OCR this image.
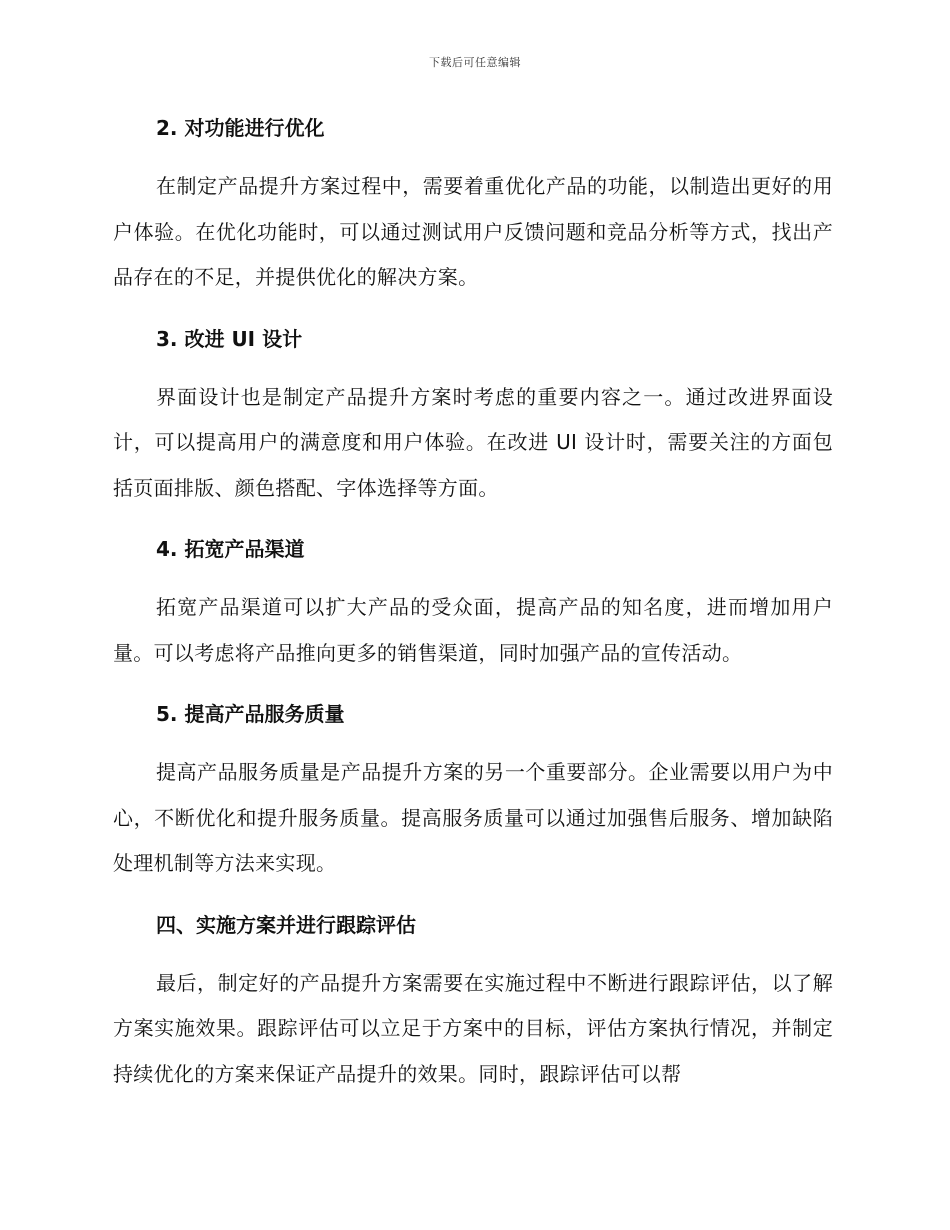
下载后可任意编辑
2. 对功能进行优化

在制定产品提升方案过程中，需要着重优化产品的功能，以制造出更好的用户体验。在优化功能时，可以通过测试用户反馈问题和竞品分析等方式，找出产品存在的不足，并提供优化的解决方案。

3. 改进 UI 设计

界面设计也是制定产品提升方案时考虑的重要内容之一。通过改进界面设计，可以提高用户的满意度和用户体验。在改进 UI 设计时，需要关注的方面包括页面排版、颜色搭配、字体选择等方面。

4. 拓宽产品渠道

拓宽产品渠道可以扩大产品的受众面，提高产品的知名度，进而增加用户量。可以考虑将产品推向更多的销售渠道，同时加强产品的宣传活动。

5. 提高产品服务质量

提高产品服务质量是产品提升方案的另一个重要部分。企业需要以用户为中心，不断优化和提升服务质量。提高服务质量可以通过加强售后服务、增加缺陷处理机制等方法来实现。

四、实施方案并进行跟踪评估

最后，制定好的产品提升方案需要在实施过程中不断进行跟踪评估，以了解方案实施效果。跟踪评估可以立足于方案中的目标，评估方案执行情况，并制定持续优化的方案来保证产品提升的效果。同时，跟踪评估可以帮
